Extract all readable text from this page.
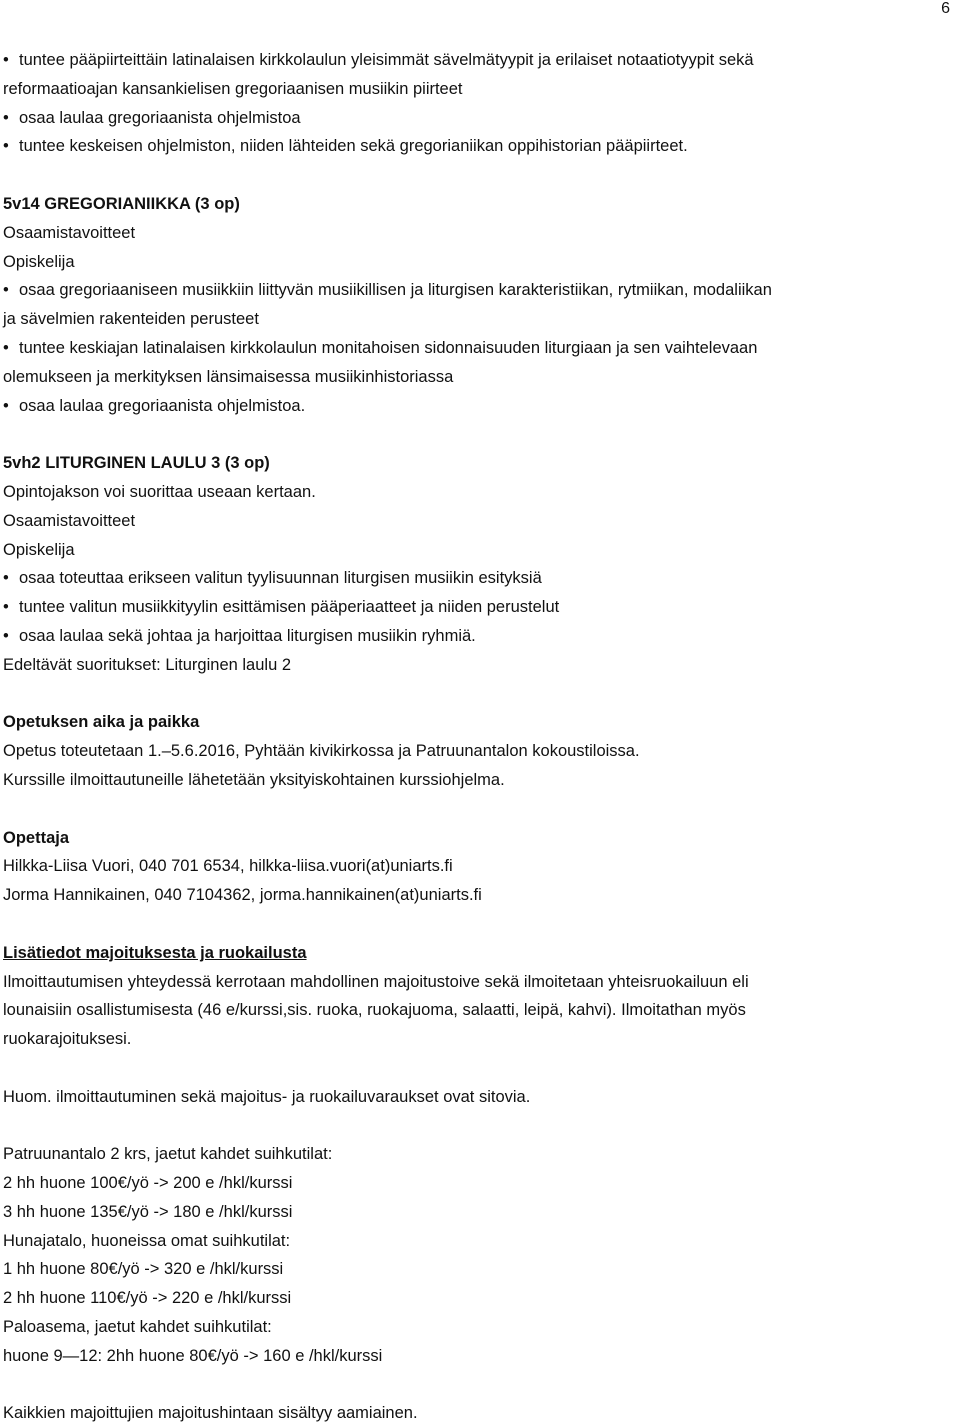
6
• tuntee pääpiirteittäin latinalaisen kirkkolaulun yleisimmät sävelmätyypit ja erilaiset notaatiotyypit sekä
reformaatioajan kansankielisen gregoriaanisen musiikin piirteet
• osaa laulaa gregoriaanista ohjelmistoa
• tuntee keskeisen ohjelmiston, niiden lähteiden sekä gregorianiikan oppihistorian pääpiirteet.
5v14 GREGORIANIIKKA (3 op)
Osaamistavoitteet
Opiskelija
• osaa gregoriaaniseen musiikkiin liittyvän musiikillisen ja liturgisen karakteristiikan, rytmiikan, modaliikan
ja sävelmien rakenteiden perusteet
• tuntee keskiajan latinalaisen kirkkolaulun monitahoisen sidonnaisuuden liturgiaan ja sen vaihtelevaan
olemukseen ja merkityksen länsimaisessa musiikinhistoriassa
• osaa laulaa gregoriaanista ohjelmistoa.
5vh2 LITURGINEN LAULU 3 (3 op)
Opintojakson voi suorittaa useaan kertaan.
Osaamistavoitteet
Opiskelija
• osaa toteuttaa erikseen valitun tyylisuunnan liturgisen musiikin esityksiä
• tuntee valitun musiikkityylin esittämisen pääperiaatteet ja niiden perustelut
• osaa laulaa sekä johtaa ja harjoittaa liturgisen musiikin ryhmiä.
Edeltävät suoritukset: Liturginen laulu 2
Opetuksen aika ja paikka
Opetus toteutetaan 1.–5.6.2016, Pyhtään kivikirkossa ja Patruunantalon kokoustiloissa.
Kurssille ilmoittautuneille lähetetään yksityiskohtainen kurssiohjelma.
Opettaja
Hilkka-Liisa Vuori, 040 701 6534, hilkka-liisa.vuori(at)uniarts.fi
Jorma Hannikainen, 040 7104362, jorma.hannikainen(at)uniarts.fi
Lisätiedot majoituksesta ja ruokailusta
Ilmoittautumisen yhteydessä kerrotaan mahdollinen majoitustoive sekä ilmoitetaan yhteisruokailuun eli
lounaisiin osallistumisesta (46 e/kurssi,sis. ruoka, ruokajuoma, salaatti, leipä, kahvi). Ilmoitathan myös
ruokarajoituksesi.
Huom. ilmoittautuminen sekä majoitus- ja ruokailuvaraukset ovat sitovia.
Patruunantalo 2 krs, jaetut kahdet suihkutilat:
2 hh huone 100€/yö -> 200 e /hkl/kurssi
3 hh huone 135€/yö -> 180 e /hkl/kurssi
Hunajatalo, huoneissa omat suihkutilat:
1 hh huone 80€/yö -> 320 e /hkl/kurssi
2 hh huone 110€/yö -> 220 e /hkl/kurssi
Paloasema, jaetut kahdet suihkutilat:
huone 9—12: 2hh huone 80€/yö -> 160 e /hkl/kurssi
Kaikkien majoittujien majoitushintaan sisältyy aamiainen.
